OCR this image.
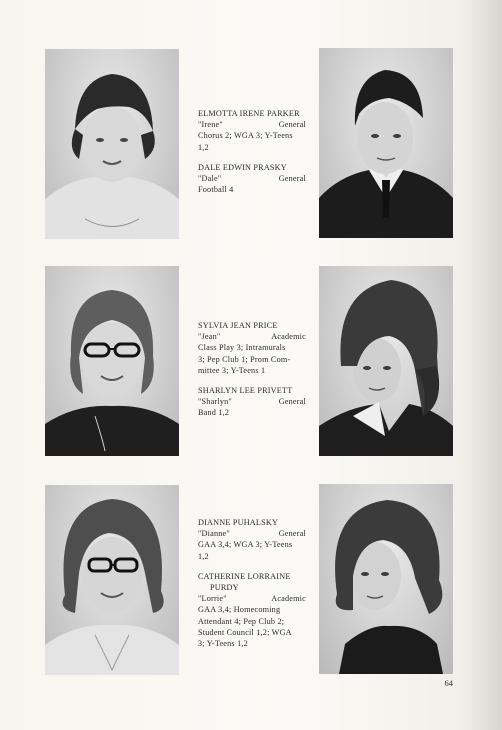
ELMOTTA IRENE PARKER
"Irene"	General
Chorus 2; WGA 3; Y-Teens
1,2
DALE EDWIN PRASKY
"Dale"	General
Football 4
SYLVIA JEAN PRICE
"Jean"	Academic
Class Play 3; Intramurals
3; Pep Club 1; Prom Com-
mittee 3; Y-Teens 1
SHARLYN LEE PRIVETT
"Sharlyn"	General
Band 1,2
DIANNE PUHALSKY
"Dianne"	General
GAA 3,4; WGA 3; Y-Teens
1,2
CATHERINE LORRAINE
PURDY
"Lorrie"	Academic
GAA 3,4; Homecoming
Attendant 4; Pep Club 2;
Student Council 1,2; WGA
3; Y-Teens 1,2
64
